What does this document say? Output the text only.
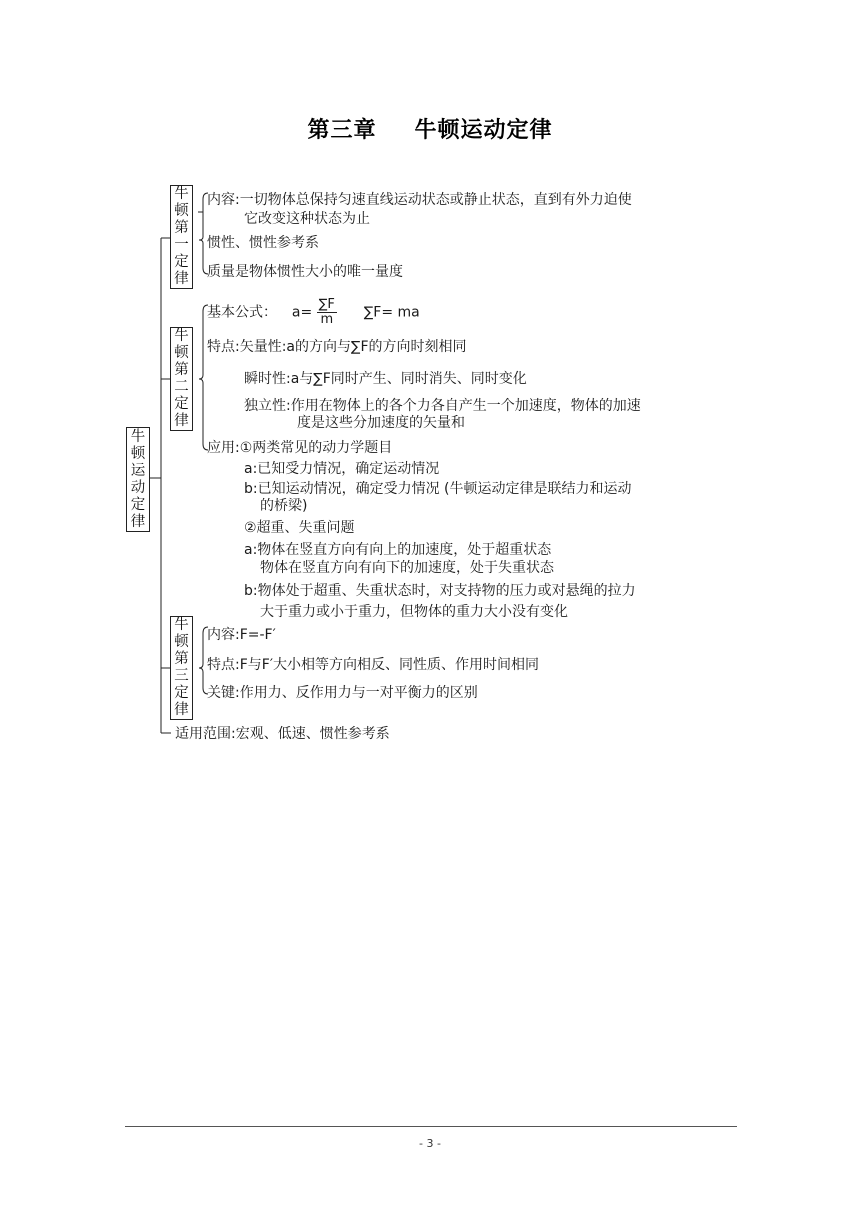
第三章 牛顿运动定律
牛
顿
运
动
定
律
牛
顿
第
一
定
律
牛
顿
第
二
定
律
牛
顿
第
三
定
律
内容:一切物体总保持匀速直线运动状态或静止状态，直到有外力迫使
它改变这种状态为止
惯性、惯性参考系
质量是物体惯性大小的唯一量度
基本公式： $a= \frac{\sum F}{m} \sum F=$ ma
特点:矢量性:a的方向与∑F的方向时刻相同
瞬时性:a与∑F同时产生、同时消失、同时变化
独立性:作用在物体上的各个力各自产生一个加速度，物体的加速
度是这些分加速度的矢量和
应用:①两类常见的动力学题目
a:已知受力情况，确定运动情况
b:已知运动情况，确定受力情况 (牛顿运动定律是联结力和运动
的桥梁)
②超重、失重问题
a:物体在竖直方向有向上的加速度，处于超重状态
物体在竖直方向有向下的加速度，处于失重状态
b:物体处于超重、失重状态时，对支持物的压力或对悬绳的拉力
大于重力或小于重力，但物体的重力大小没有变化
内容:F=-F′
特点:F与F′大小相等方向相反、同性质、作用时间相同
关键:作用力、反作用力与一对平衡力的区别
适用范围:宏观、低速、惯性参考系
- 3 -
